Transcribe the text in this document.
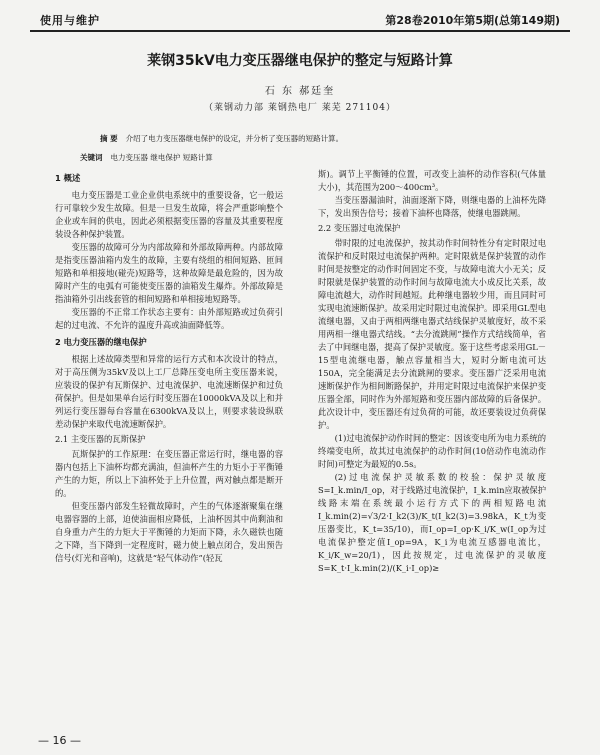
使用与维护	第28卷2010年第5期(总第149期)
莱钢35kV电力变压器继电保护的整定与短路计算
石 东 郝廷奎
（莱钢动力部 莱钢热电厂 莱芜 271104）
摘 要 介绍了电力变压器继电保护的设定，并分析了变压器的短路计算。
关键词 电力变压器 继电保护 短路计算

1 概述

电力变压器是工业企业供电系统中的重要设备，它一般运行可靠较少发生故障。但是一旦发生故障，将会严重影响整个企业或车间的供电，因此必须根据变压器的容量及其重要程度装设各种保护装置。

变压器的故障可分为内部故障和外部故障两种。内部故障是指变压器油箱内发生的故障，主要有绕组的相间短路、匝间短路和单相接地(碰壳)短路等，这种故障是最危险的，因为故障时产生的电弧有可能使变压器的油箱发生爆炸。外部故障是指油箱外引出线套管的相间短路和单相接地短路等。

变压器的不正常工作状态主要有：由外部短路或过负荷引起的过电流、不允许的温度升高或油面降低等。

2 电力变压器的继电保护

根据上述故障类型和异常的运行方式和本次设计的特点，对于高压侧为35kV及以上工厂总降压变电所主变压器来说，应装设的保护有瓦斯保护、过电流保护、电流速断保护和过负荷保护。但是如果单台运行时变压器在10000kVA及以上和并列运行变压器每台容量在6300kVA及以上，则要求装设纵联差动保护来取代电流速断保护。

2.1 主变压器的瓦斯保护

瓦斯保护的工作原理：在变压器正常运行时，继电器的容器内包括上下油杯均都充满油，但油杯产生的力矩小于平衡锤产生的力矩，所以上下油杯处于上升位置，两对触点都是断开的。

但变压器内部发生轻微故障时，产生的气体逐渐聚集在继电器容器的上部，迫使油面相应降低，上油杯因其中尚剩油和自身重力产生的力矩大于平衡锤的力矩而下降，永久磁铁也随之下降，当下降到一定程度时，磁力使上触点闭合，发出预告信号(灯光和音响)，这就是“轻气体动作”(轻瓦

斯)。调节上平衡锤的位置，可改变上油杯的动作容积(气体量大小)，其范围为200～400cm³。

当变压器漏油时，油面逐渐下降，则继电器的上油杯先降下，发出预告信号；接着下油杯也降落，使继电器跳闸。

2.2 变压器过电流保护

带时限的过电流保护，按其动作时间特性分有定时限过电流保护和反时限过电流保护两种。定时限就是保护装置的动作时间是按整定的动作时间固定不变，与故障电流大小无关；反时限就是保护装置的动作时间与故障电流大小成反比关系，故障电流越大，动作时间越短。此种继电器较少用，而且同时可实现电流速断保护。故采用定时限过电流保护。即采用GL型电流继电器，又由于两相两继电器式结线保护灵敏度好，故不采用两相一继电器式结线。“去分流跳闸”操作方式结线简单，省去了中间继电器，提高了保护灵敏度。鉴于这些考虑采用GL－15型电流继电器，触点容量相当大，短时分断电流可达150A，完全能满足去分流跳闸的要求。变压器广泛采用电流速断保护作为相间断路保护，并用定时限过电流保护来保护变压器全部，同时作为外部短路和变压器内部故障的后备保护。此次设计中，变压器还有过负荷的可能，故还要装设过负荷保护。

(1)过电流保护动作时间的整定：因该变电所为电力系统的终端变电所，故其过电流保护的动作时间(10倍动作电流动作时间)可整定为最短的0.5s。

(2)过电流保护灵敏系数的校验：保护灵敏度S=I_k.min/I_op，对于线路过电流保护，I_k.min应取被保护线路末端在系统最小运行方式下的两相短路电流I_k.min(2)=√3/2·I_k2(3)/K_t(I_k2(3)=3.98kA，K_t为变压器变比，K_t=35/10)，而I_op=I_op·K_i/K_w(I_op为过电流保护整定值I_op=9A，K_i为电流互感器电流比，K_i/K_w=20/1)，因此按规定，过电流保护的灵敏度S=K_t·I_k.min(2)/(K_i·I_op)≥

— 16 —
